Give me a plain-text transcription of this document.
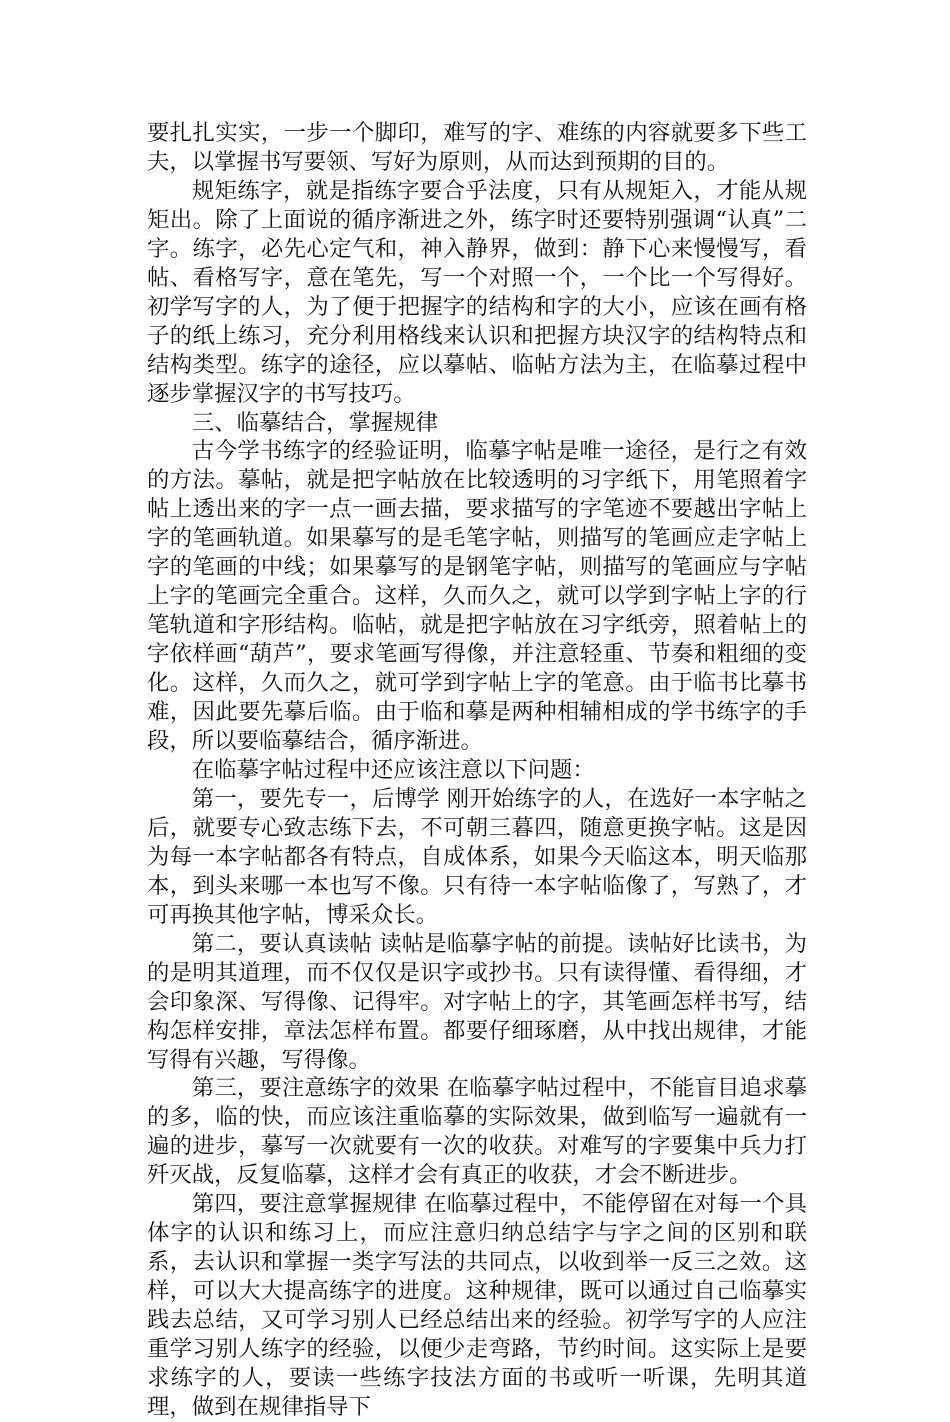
要扎扎实实，一步一个脚印，难写的字、难练的内容就要多下些工夫，以掌握书写要领、写好为原则，从而达到预期的目的。

规矩练字，就是指练字要合乎法度，只有从规矩入，才能从规矩出。除了上面说的循序渐进之外，练字时还要特别强调“认真”二字。练字，必先心定气和，神入静界，做到：静下心来慢慢写，看帖、看格写字，意在笔先，写一个对照一个，一个比一个写得好。初学写字的人，为了便于把握字的结构和字的大小，应该在画有格子的纸上练习，充分利用格线来认识和把握方块汉字的结构特点和结构类型。练字的途径，应以摹帖、临帖方法为主，在临摹过程中逐步掌握汉字的书写技巧。

三、临摹结合，掌握规律

古今学书练字的经验证明，临摹字帖是唯一途径，是行之有效的方法。摹帖，就是把字帖放在比较透明的习字纸下，用笔照着字帖上透出来的字一点一画去描，要求描写的字笔迹不要越出字帖上字的笔画轨道。如果摹写的是毛笔字帖，则描写的笔画应走字帖上字的笔画的中线；如果摹写的是钢笔字帖，则描写的笔画应与字帖上字的笔画完全重合。这样，久而久之，就可以学到字帖上字的行笔轨道和字形结构。临帖，就是把字帖放在习字纸旁，照着帖上的字依样画“葫芦”，要求笔画写得像，并注意轻重、节奏和粗细的变化。这样，久而久之，就可学到字帖上字的笔意。由于临书比摹书难，因此要先摹后临。由于临和摹是两种相辅相成的学书练字的手段，所以要临摹结合，循序渐进。

在临摹字帖过程中还应该注意以下问题：

第一，要先专一，后博学 刚开始练字的人，在选好一本字帖之后，就要专心致志练下去，不可朝三暮四，随意更换字帖。这是因为每一本字帖都各有特点，自成体系，如果今天临这本，明天临那本，到头来哪一本也写不像。只有待一本字帖临像了，写熟了，才可再换其他字帖，博采众长。

第二，要认真读帖 读帖是临摹字帖的前提。读帖好比读书，为的是明其道理，而不仅仅是识字或抄书。只有读得懂、看得细，才会印象深、写得像、记得牢。对字帖上的字，其笔画怎样书写，结构怎样安排，章法怎样布置。都要仔细琢磨，从中找出规律，才能写得有兴趣，写得像。

第三，要注意练字的效果 在临摹字帖过程中，不能盲目追求摹的多，临的快，而应该注重临摹的实际效果，做到临写一遍就有一遍的进步，摹写一次就要有一次的收获。对难写的字要集中兵力打歼灭战，反复临摹，这样才会有真正的收获，才会不断进步。

第四，要注意掌握规律 在临摹过程中，不能停留在对每一个具体字的认识和练习上，而应注意归纳总结字与字之间的区别和联系，去认识和掌握一类字写法的共同点，以收到举一反三之效。这样，可以大大提高练字的进度。这种规律，既可以通过自己临摹实践去总结，又可学习别人已经总结出来的经验。初学写字的人应注重学习别人练字的经验，以便少走弯路，节约时间。这实际上是要求练字的人，要读一些练字技法方面的书或听一听课，先明其道理，做到在规律指导下
